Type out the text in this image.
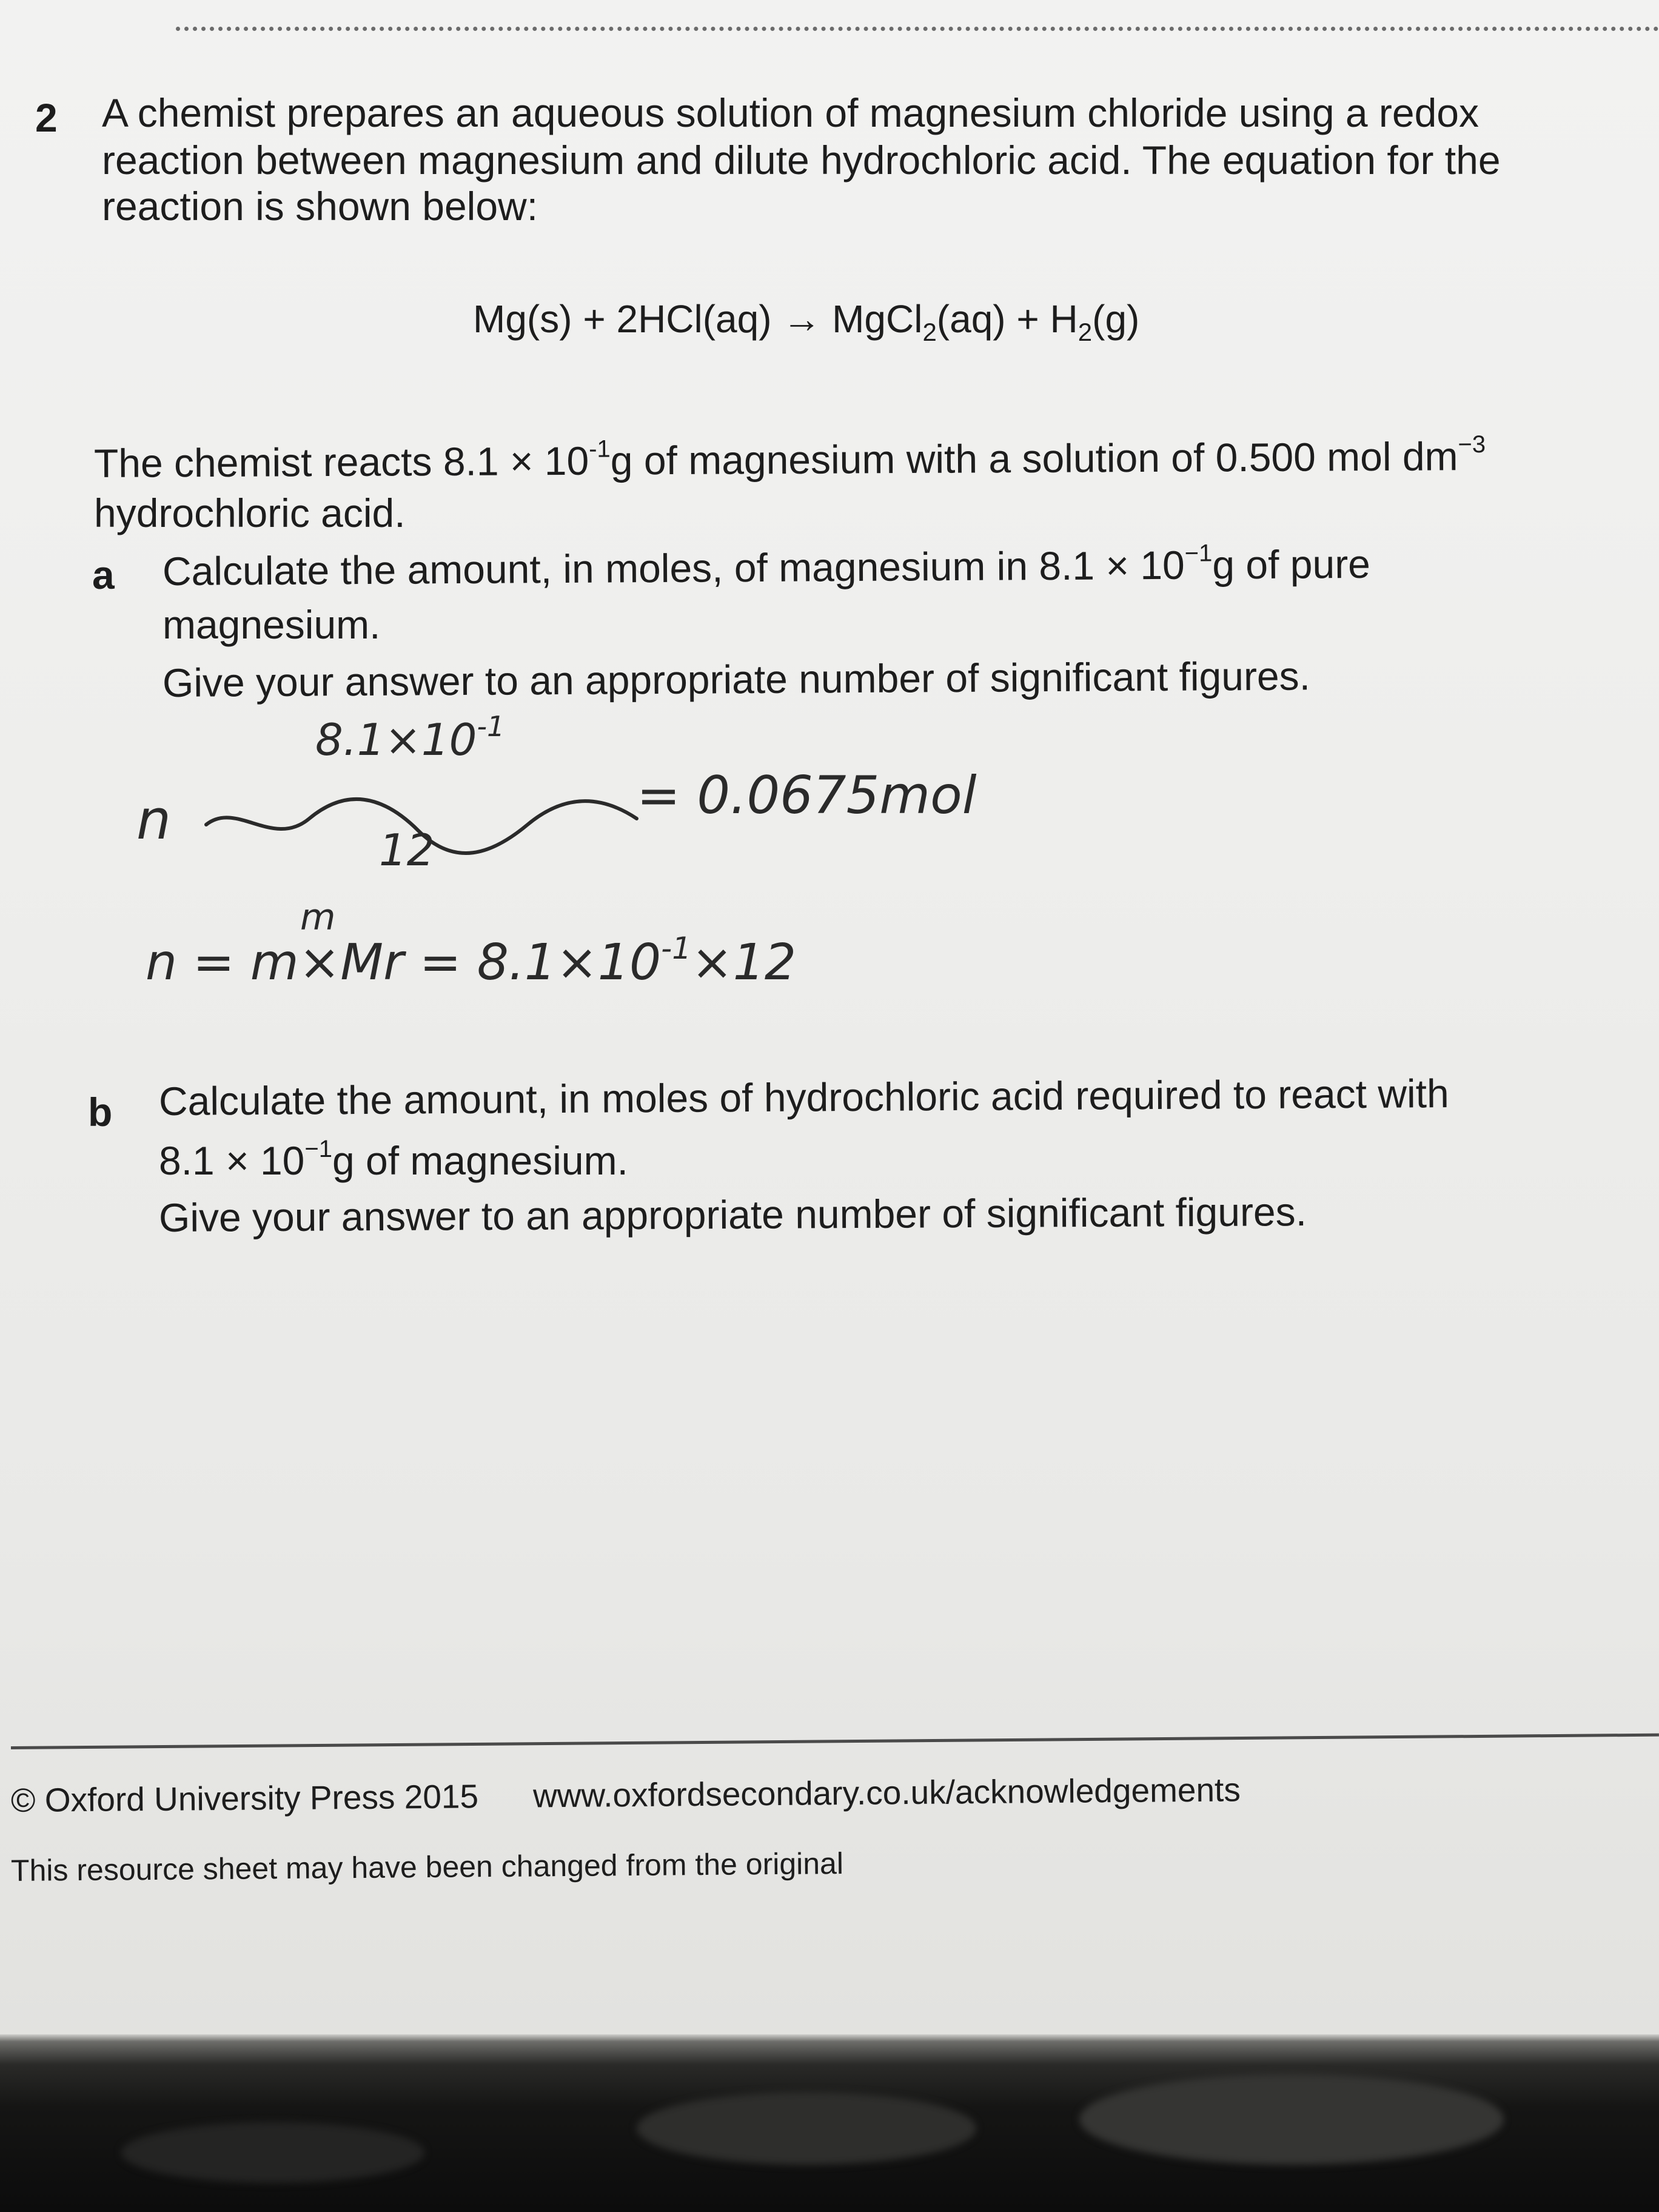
2 A chemist prepares an aqueous solution of magnesium chloride using a redox
reaction between magnesium and dilute hydrochloric acid. The equation for the
reaction is shown below:
Mg(s) + 2HCl(aq) → MgCl$_2$(aq) + $H_2(g)$
The chemist reacts $8.1 \times 10^{-1}g$ of magnesium with a solution of 0.500 mol $dm^{-3}$
hydrochloric acid.
a Calculate the amount, in moles, of magnesium in $8.1 \times 10^{-1}g$ of pure
magnesium.
Give your answer to an appropriate number of significant figures.
$8.1\times 10^{-1}$
n	= 0.0675mol
12
m
$n = m\times Mr = 8.1\times 10^{-1}\times 12$
b Calculate the amount, in moles of hydrochloric acid required to react with
$8.1 \times 10^{-1}g$ of magnesium.
Give your answer to an appropriate number of significant figures.
© Oxford University Press 2015 www.oxfordsecondary.co.uk/acknowledgements
This resource sheet may have been changed from the original
